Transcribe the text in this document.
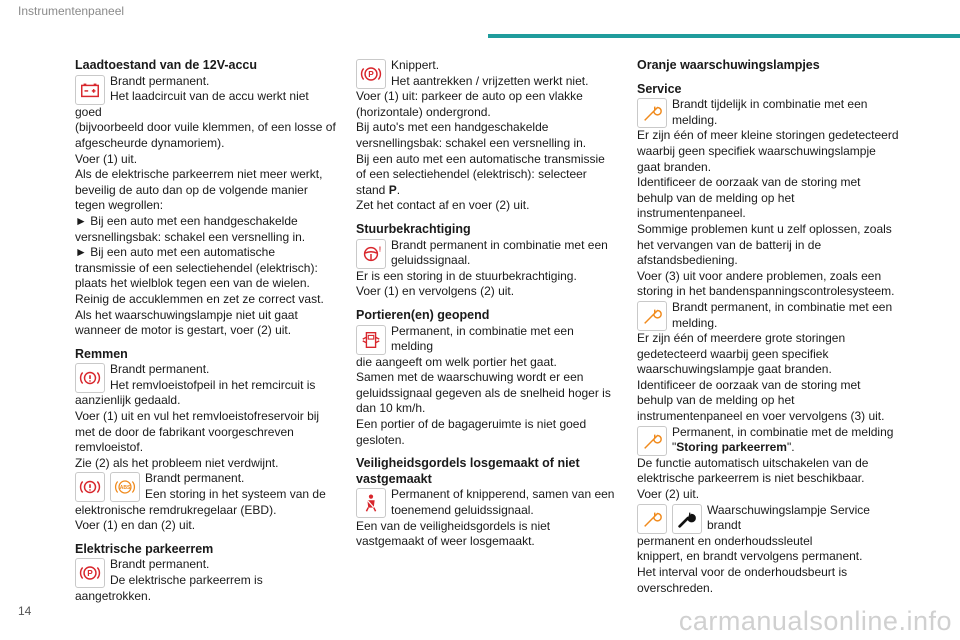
Instrumentenpaneel

Laadtoestand van de 12V-accu

Brandt permanent.
Het laadcircuit van de accu werkt niet goed

(bijvoorbeeld door vuile klemmen, of een losse of afgescheurde dynamoriem).

Voer (1) uit.

Als de elektrische parkeerrem niet meer werkt, beveilig de auto dan op de volgende manier tegen wegrollen:

► Bij een auto met een handgeschakelde versnellingsbak: schakel een versnelling in.

► Bij een auto met een automatische transmissie of een selectiehendel (elektrisch): plaats het wielblok tegen een van de wielen.

Reinig de accuklemmen en zet ze correct vast. Als het waarschuwingslampje niet uit gaat wanneer de motor is gestart, voer (2) uit.

Remmen

Brandt permanent.
Het remvloeistofpeil in het remcircuit is

aanzienlijk gedaald.

Voer (1) uit en vul het remvloeistofreservoir bij met de door de fabrikant voorgeschreven remvloeistof.

Zie (2) als het probleem niet verdwijnt.

ABS
Brandt permanent.
Een storing in het systeem van de

elektronische remdrukregelaar (EBD).

Voer (1) en dan (2) uit.

Elektrische parkeerrem

P
Brandt permanent.
De elektrische parkeerrem is aangetrokken.
P
Knippert.
Het aantrekken / vrijzetten werkt niet.

Voer (1) uit: parkeer de auto op een vlakke (horizontale) ondergrond.

Bij auto's met een handgeschakelde versnellingsbak: schakel een versnelling in.

Bij een auto met een automatische transmissie of een selectiehendel (elektrisch): selecteer stand P.

Zet het contact af en voer (2) uit.

Stuurbekrachtiging

! Brandt permanent in combinatie met een
geluidssignaal.

Er is een storing in de stuurbekrachtiging.

Voer (1) en vervolgens (2) uit.

Portieren(en) geopend

Permanent, in combinatie met een melding
die aangeeft om welk portier het gaat.

Samen met de waarschuwing wordt er een geluidssignaal gegeven als de snelheid hoger is dan 10 km/h.

Een portier of de bagageruimte is niet goed gesloten.

Veiligheidsgordels losgemaakt of niet vastgemaakt

Permanent of knipperend, samen van een
toenemend geluidssignaal.

Een van de veiligheidsgordels is niet vastgemaakt of weer losgemaakt.

Oranje waarschuwingslampjes

Service

Brandt tijdelijk in combinatie met een
melding.

Er zijn één of meer kleine storingen gedetecteerd waarbij geen specifiek waarschuwingslampje gaat branden.

Identificeer de oorzaak van de storing met behulp van de melding op het instrumentenpaneel.

Sommige problemen kunt u zelf oplossen, zoals het vervangen van de batterij in de afstandsbediening.

Voer (3) uit voor andere problemen, zoals een storing in het bandenspanningscontrolesysteem.

Brandt permanent, in combinatie met een
melding.

Er zijn één of meerdere grote storingen gedetecteerd waarbij geen specifiek waarschuwingslampje gaat branden.

Identificeer de oorzaak van de storing met behulp van de melding op het instrumentenpaneel en voer vervolgens (3) uit.

Permanent, in combinatie met de melding
"Storing parkeerrem".

De functie automatisch uitschakelen van de elektrische parkeerrem is niet beschikbaar.

Voer (2) uit.

Waarschuwingslampje Service brandt
permanent en onderhoudssleutel

knippert, en brandt vervolgens permanent.

Het interval voor de onderhoudsbeurt is overschreden.

14	carmanualsonline.info
